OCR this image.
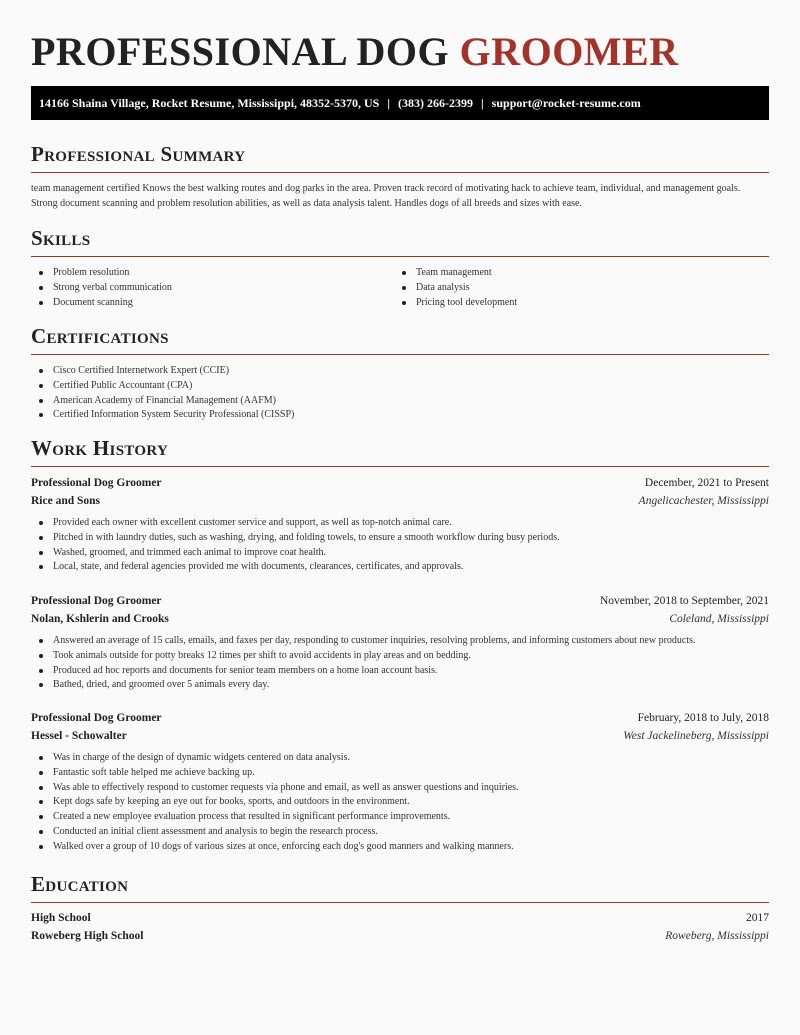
PROFESSIONAL DOG GROOMER
14166 Shaina Village, Rocket Resume, Mississippi, 48352-5370, US | (383) 266-2399 | support@rocket-resume.com
Professional Summary

team management certified Knows the best walking routes and dog parks in the area. Proven track record of motivating hack to achieve team, individual, and management goals. Strong document scanning and problem resolution abilities, as well as data analysis talent. Handles dogs of all breeds and sizes with ease.

Skills
Problem resolution
Strong verbal communication
Document scanning
Team management
Data analysis
Pricing tool development
Certifications
Cisco Certified Internetwork Expert (CCIE)
Certified Public Accountant (CPA)
American Academy of Financial Management (AAFM)
Certified Information System Security Professional (CISSP)
Work History
Professional Dog Groomer	December, 2021 to Present
Rice and Sons	Angelicachester, Mississippi
Provided each owner with excellent customer service and support, as well as top-notch animal care.
Pitched in with laundry duties, such as washing, drying, and folding towels, to ensure a smooth workflow during busy periods.
Washed, groomed, and trimmed each animal to improve coat health.
Local, state, and federal agencies provided me with documents, clearances, certificates, and approvals.
Professional Dog Groomer	November, 2018 to September, 2021
Nolan, Kshlerin and Crooks	Coleland, Mississippi
Answered an average of 15 calls, emails, and faxes per day, responding to customer inquiries, resolving problems, and informing customers about new products.
Took animals outside for potty breaks 12 times per shift to avoid accidents in play areas and on bedding.
Produced ad hoc reports and documents for senior team members on a home loan account basis.
Bathed, dried, and groomed over 5 animals every day.
Professional Dog Groomer	February, 2018 to July, 2018
Hessel - Schowalter	West Jackelineberg, Mississippi
Was in charge of the design of dynamic widgets centered on data analysis.
Fantastic soft table helped me achieve backing up.
Was able to effectively respond to customer requests via phone and email, as well as answer questions and inquiries.
Kept dogs safe by keeping an eye out for books, sports, and outdoors in the environment.
Created a new employee evaluation process that resulted in significant performance improvements.
Conducted an initial client assessment and analysis to begin the research process.
Walked over a group of 10 dogs of various sizes at once, enforcing each dog's good manners and walking manners.
Education
High School	2017
Roweberg High School	Roweberg, Mississippi
